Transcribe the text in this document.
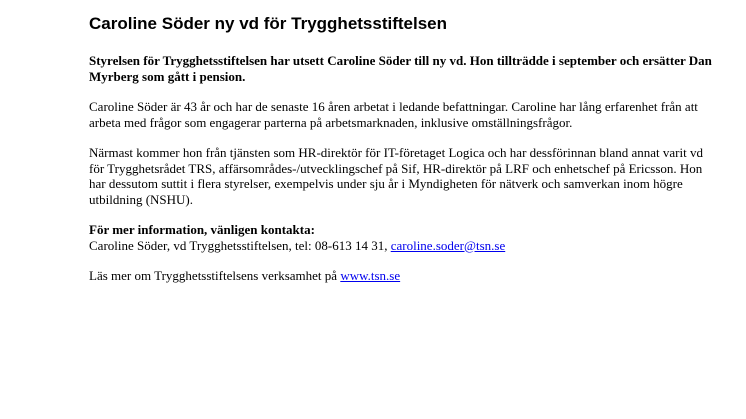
Caroline Söder ny vd för Trygghetsstiftelsen

Styrelsen för Trygghetsstiftelsen har utsett Caroline Söder till ny vd. Hon tillträdde i september och ersätter Dan Myrberg som gått i pension.

Caroline Söder är 43 år och har de senaste 16 åren arbetat i ledande befattningar. Caroline har lång erfarenhet från att arbeta med frågor som engagerar parterna på arbetsmarknaden, inklusive omställningsfrågor.

Närmast kommer hon från tjänsten som HR-direktör för IT-företaget Logica och har dessförinnan bland annat varit vd för Trygghetsrådet TRS, affärsområdes-/utvecklingschef på Sif, HR-direktör på LRF och enhetschef på Ericsson. Hon har dessutom suttit i flera styrelser, exempelvis under sju år i Myndigheten för nätverk och samverkan inom högre utbildning (NSHU).

För mer information, vänligen kontakta:

Caroline Söder, vd Trygghetsstiftelsen, tel: 08-613 14 31, caroline.soder@tsn.se

Läs mer om Trygghetsstiftelsens verksamhet på www.tsn.se
